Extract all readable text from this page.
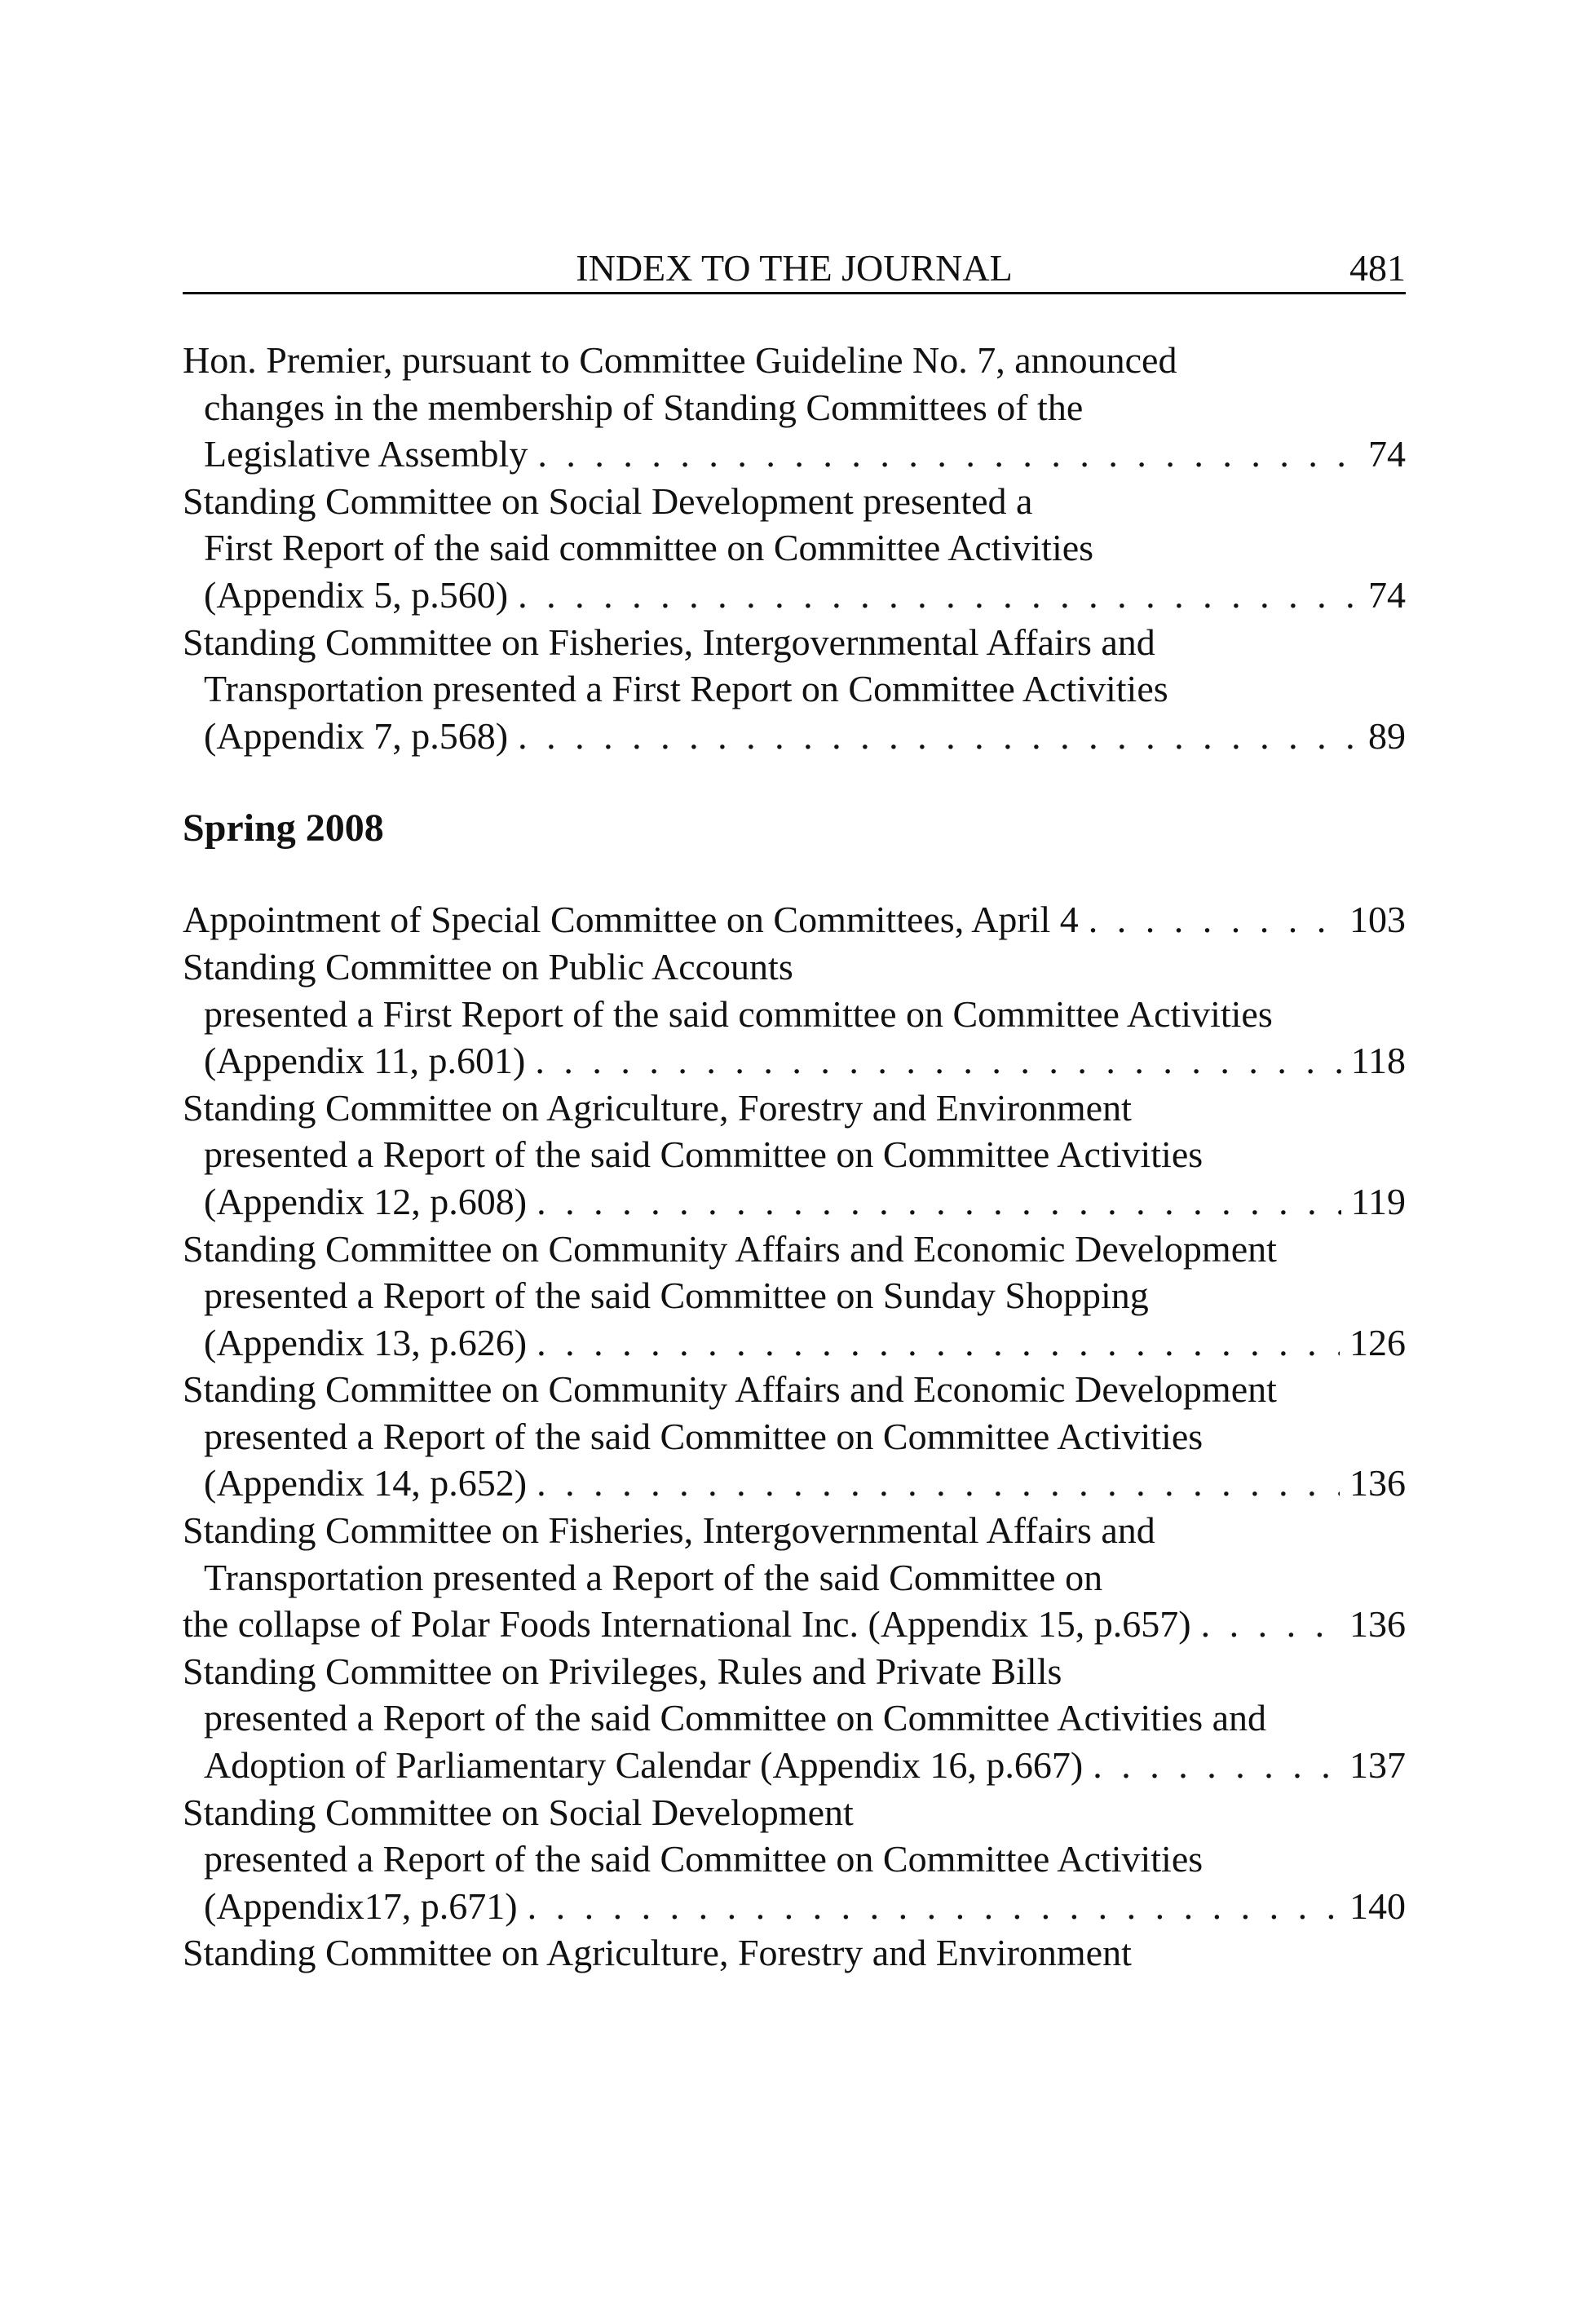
INDEX TO THE JOURNAL	481
Hon. Premier, pursuant to Committee Guideline No. 7, announced
changes in the membership of Standing Committees of the
Legislative Assembly . . .	74
Standing Committee on Social Development presented a
First Report of the said committee on Committee Activities
(Appendix 5, p.560) . . .	74
Standing Committee on Fisheries, Intergovernmental Affairs and
Transportation presented a First Report on Committee Activities
(Appendix 7, p.568) . . .	89
Spring 2008
Appointment of Special Committee on Committees, April 4 . . .	103
Standing Committee on Public Accounts
presented a First Report of the said committee on Committee Activities
(Appendix 11, p.601) . . .	118
Standing Committee on Agriculture, Forestry and Environment
presented a Report of the said Committee on Committee Activities
(Appendix 12, p.608) . . .	119
Standing Committee on Community Affairs and Economic Development
presented a Report of the said Committee on Sunday Shopping
(Appendix 13, p.626) . . .	126
Standing Committee on Community Affairs and Economic Development
presented a Report of the said Committee on Committee Activities
(Appendix 14, p.652) . . .	136
Standing Committee on Fisheries, Intergovernmental Affairs and
Transportation presented a Report of the said Committee on
the collapse of Polar Foods International Inc. (Appendix 15, p.657) . . .	136
Standing Committee on Privileges, Rules and Private Bills
presented a Report of the said Committee on Committee Activities and
Adoption of Parliamentary Calendar (Appendix 16, p.667) . . .	137
Standing Committee on Social Development
presented a Report of the said Committee on Committee Activities
(Appendix17, p.671) . . .	140
Standing Committee on Agriculture, Forestry and Environment
